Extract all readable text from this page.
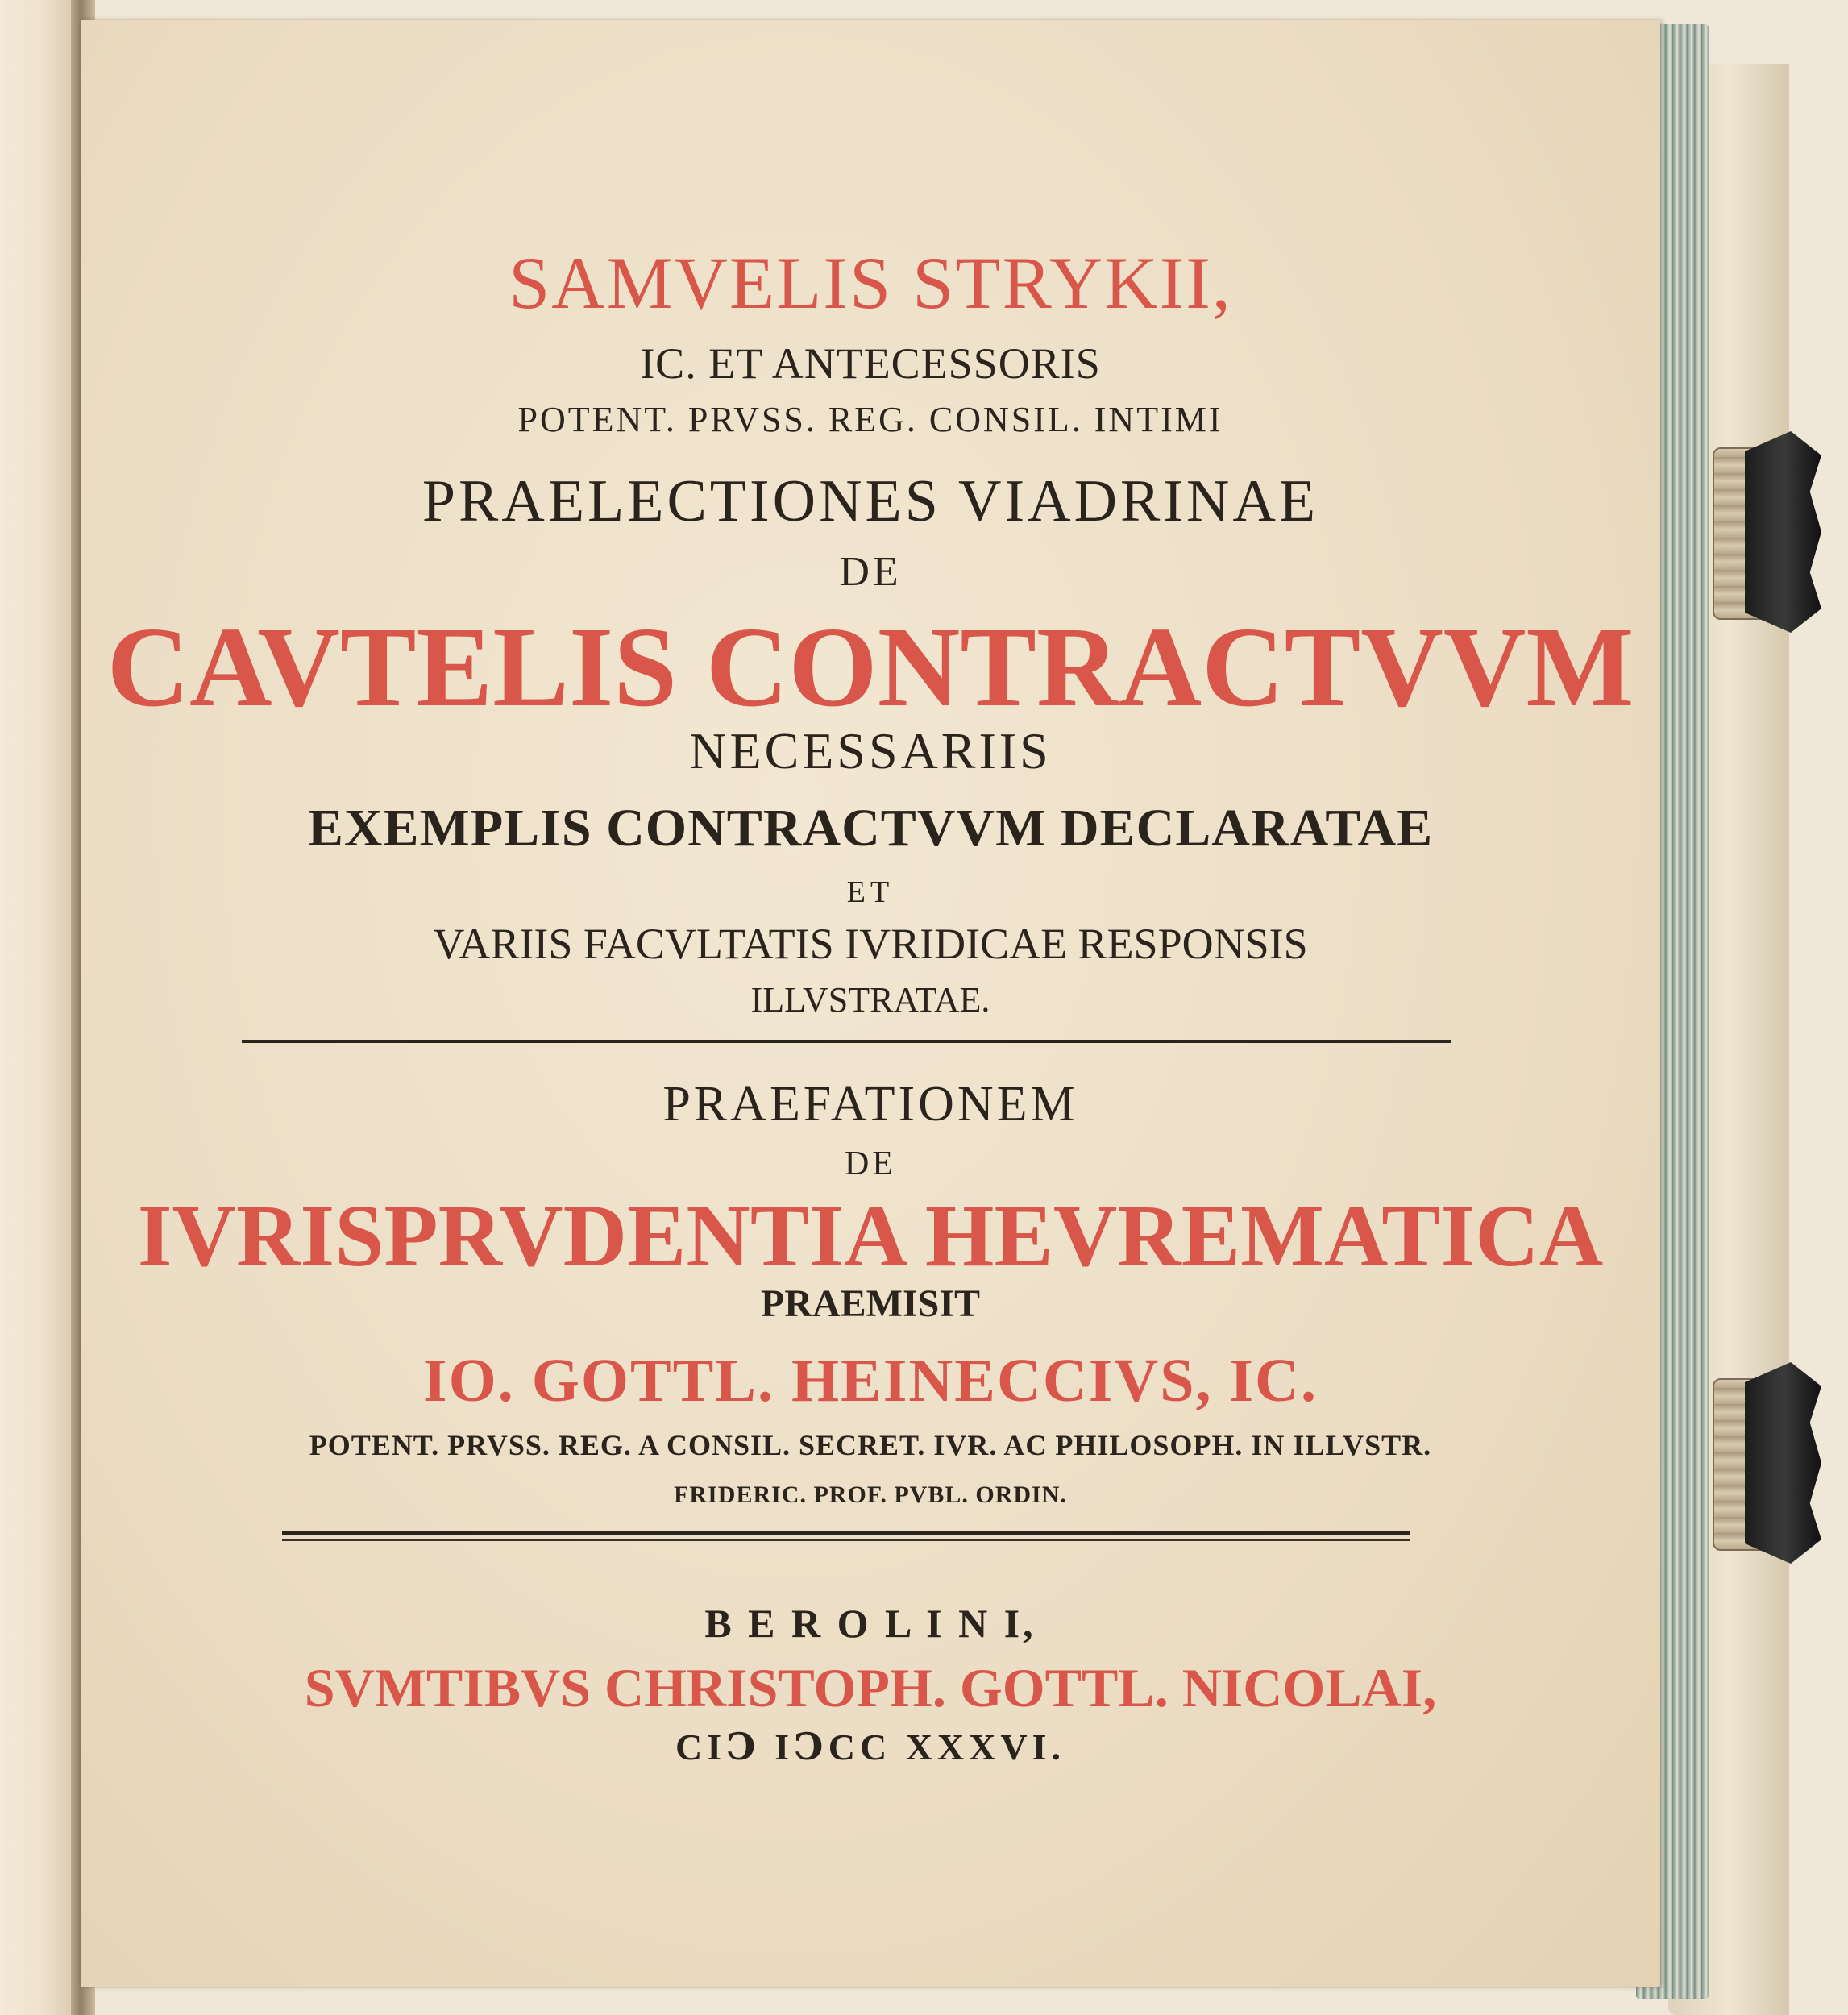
SAMVELIS STRYKII,
IC. ET ANTECESSORIS
POTENT. PRVSS. REG. CONSIL. INTIMI
PRAELECTIONES VIADRINAE
DE
CAVTELIS CONTRACTVVM
NECESSARIIS
EXEMPLIS CONTRACTVVM DECLARATAE
ET
VARIIS FACVLTATIS IVRIDICAE RESPONSIS
ILLVSTRATAE.
PRAEFATIONEM
DE
IVRISPRVDENTIA HEVREMATICA
PRAEMISIT
IO. GOTTL. HEINECCIVS, IC.
POTENT. PRVSS. REG. A CONSIL. SECRET. IVR. AC PHILOSOPH. IN ILLVSTR.
FRIDERIC. PROF. PVBL. ORDIN.
B E R O L I N I,
SVMTIBVS CHRISTOPH. GOTTL. NICOLAI,
CIↃ IↃCC XXXVI.
